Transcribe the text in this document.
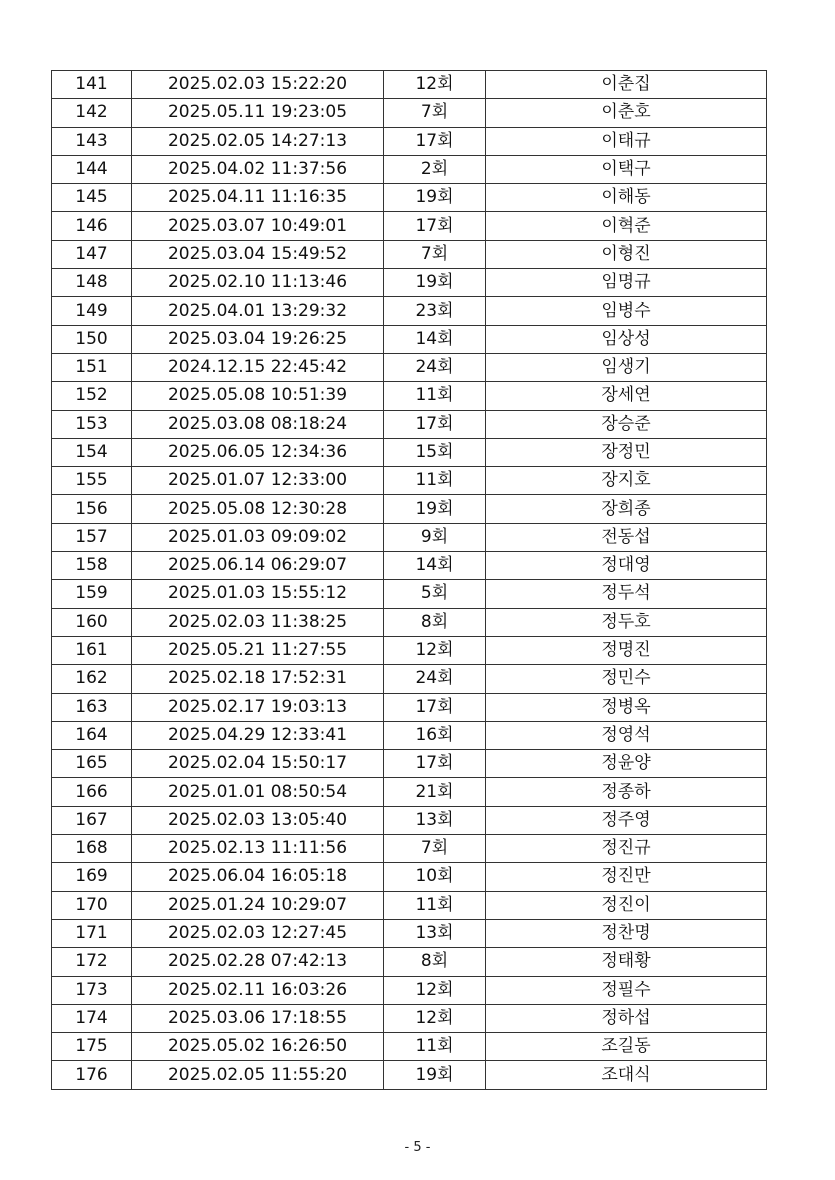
141	2025.02.03 15:22:20	12회	이춘집
142	2025.05.11 19:23:05	7회	이춘호
143	2025.02.05 14:27:13	17회	이태규
144	2025.04.02 11:37:56	2회	이택구
145	2025.04.11 11:16:35	19회	이해동
146	2025.03.07 10:49:01	17회	이혁준
147	2025.03.04 15:49:52	7회	이형진
148	2025.02.10 11:13:46	19회	임명규
149	2025.04.01 13:29:32	23회	임병수
150	2025.03.04 19:26:25	14회	임상성
151	2024.12.15 22:45:42	24회	임생기
152	2025.05.08 10:51:39	11회	장세연
153	2025.03.08 08:18:24	17회	장승준
154	2025.06.05 12:34:36	15회	장정민
155	2025.01.07 12:33:00	11회	장지호
156	2025.05.08 12:30:28	19회	장희종
157	2025.01.03 09:09:02	9회	전동섭
158	2025.06.14 06:29:07	14회	정대영
159	2025.01.03 15:55:12	5회	정두석
160	2025.02.03 11:38:25	8회	정두호
161	2025.05.21 11:27:55	12회	정명진
162	2025.02.18 17:52:31	24회	정민수
163	2025.02.17 19:03:13	17회	정병옥
164	2025.04.29 12:33:41	16회	정영석
165	2025.02.04 15:50:17	17회	정윤양
166	2025.01.01 08:50:54	21회	정종하
167	2025.02.03 13:05:40	13회	정주영
168	2025.02.13 11:11:56	7회	정진규
169	2025.06.04 16:05:18	10회	정진만
170	2025.01.24 10:29:07	11회	정진이
171	2025.02.03 12:27:45	13회	정찬명
172	2025.02.28 07:42:13	8회	정태황
173	2025.02.11 16:03:26	12회	정필수
174	2025.03.06 17:18:55	12회	정하섭
175	2025.05.02 16:26:50	11회	조길동
176	2025.02.05 11:55:20	19회	조대식
- 5 -
